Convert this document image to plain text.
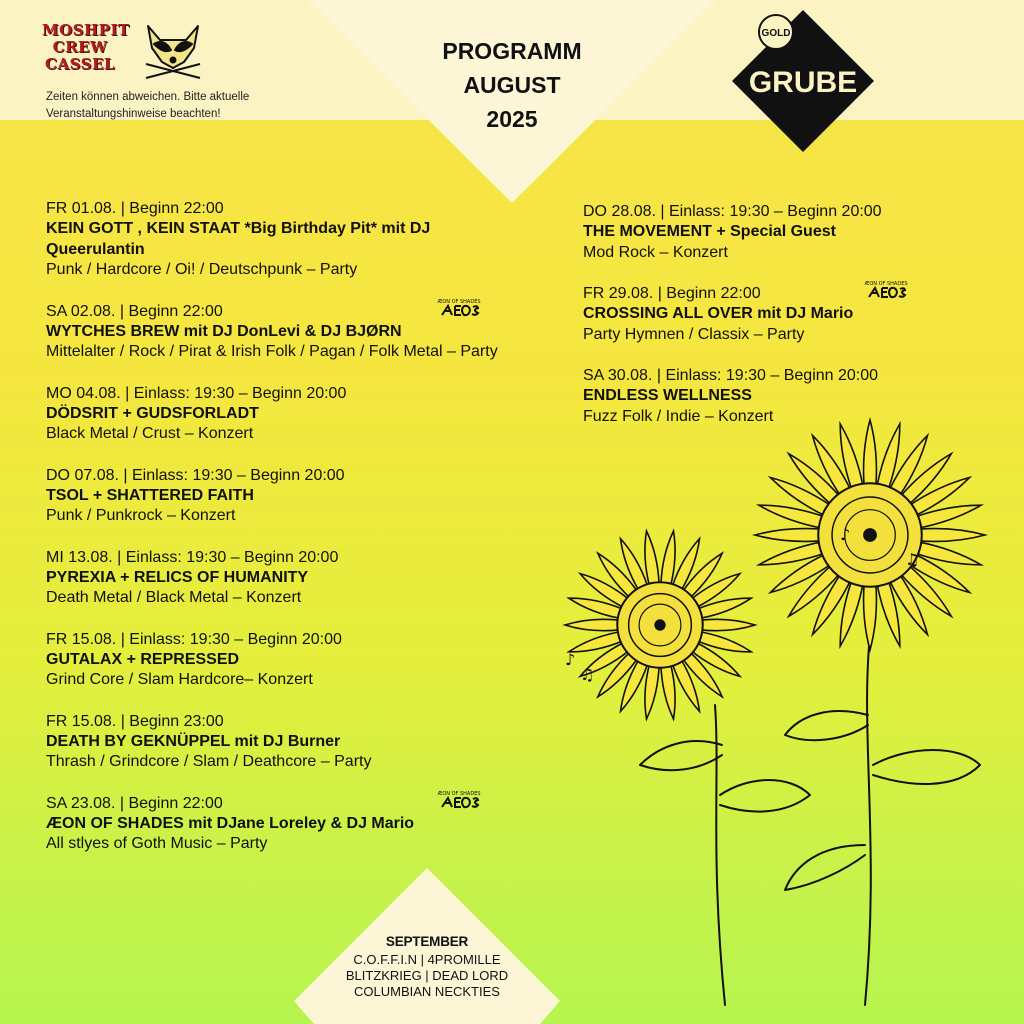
MOSHPIT
CREW
CASSEL
Zeiten können abweichen. Bitte aktuelle Veranstaltungshinweise beachten!
PROGRAMM
AUGUST
2025
GOLD
GRUBE
FR 01.08. | Beginn 22:00
KEIN GOTT , KEIN STAAT *Big Birthday Pit* mit DJ Queerulantin
Punk / Hardcore / Oi! / Deutschpunk – Party
SA 02.08. | Beginn 22:00
WYTCHES BREW mit DJ DonLevi & DJ BJØRN
Mittelalter / Rock / Pirat & Irish Folk / Pagan / Folk Metal – Party
ÆON OF SHADES
MO 04.08. | Einlass: 19:30 – Beginn 20:00
DÖDSRIT + GUDSFORLADT
Black Metal / Crust – Konzert
DO 07.08. | Einlass: 19:30 – Beginn 20:00
TSOL + SHATTERED FAITH
Punk / Punkrock – Konzert
MI 13.08. | Einlass: 19:30 – Beginn 20:00
PYREXIA + RELICS OF HUMANITY
Death Metal / Black Metal – Konzert
FR 15.08. | Einlass: 19:30 – Beginn 20:00
GUTALAX + REPRESSED
Grind Core / Slam Hardcore– Konzert
FR 15.08. | Beginn 23:00
DEATH BY GEKNÜPPEL mit DJ Burner
Thrash / Grindcore / Slam / Deathcore – Party
SA 23.08. | Beginn 22:00
ÆON OF SHADES mit DJane Loreley & DJ Mario
All stlyes of Goth Music – Party
ÆON OF SHADES
DO 28.08. | Einlass: 19:30 – Beginn 20:00
THE MOVEMENT + Special Guest
Mod Rock – Konzert
FR 29.08. | Beginn 22:00
CROSSING ALL OVER mit DJ Mario
Party Hymnen / Classix – Party
ÆON OF SHADES
SA 30.08. | Einlass: 19:30 – Beginn 20:00
ENDLESS WELLNESS
Fuzz Folk / Indie – Konzert
♪
♫
♪
♫
SEPTEMBER
C.O.F.F.I.N | 4PROMILLE
BLITZKRIEG | DEAD LORD
COLUMBIAN NECKTIES
